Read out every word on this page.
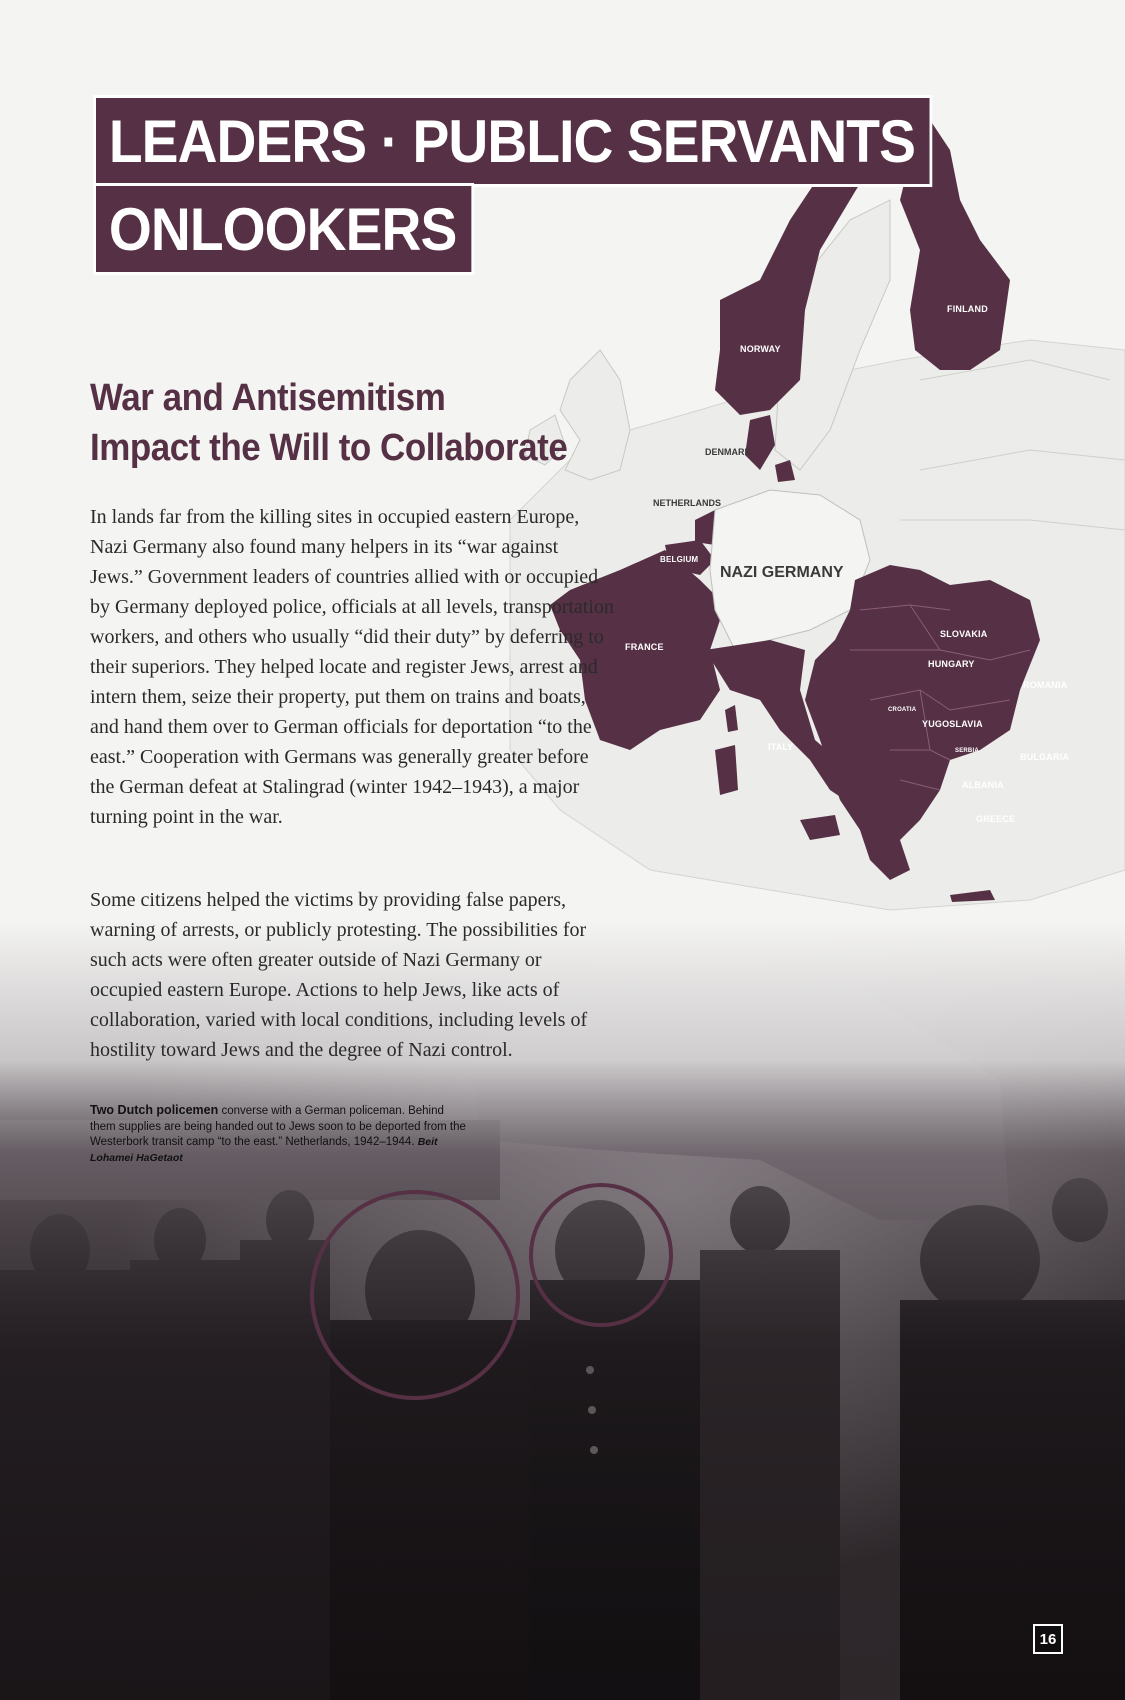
NORWAY
FINLAND
DENMARK
NETHERLANDS
BELGIUM
FRANCE
NAZI GERMANY
SLOVAKIA
HUNGARY
ROMANIA
CROATIA
YUGOSLAVIA
SERBIA
BULGARIA
ITALY
ALBANIA
GREECE
LEADERS · PUBLIC SERVANTS
ONLOOKERS
War and Antisemitism
Impact the Will to Collaborate

In lands far from the killing sites in occupied eastern Europe, Nazi Germany also found many helpers in its “war against Jews.” Government leaders of countries allied with or occupied by Germany deployed police, officials at all levels, transportation workers, and others who usually “did their duty” by deferring to their superiors. They helped locate and register Jews, arrest and intern them, seize their property, put them on trains and boats, and hand them over to German officials for deportation “to the east.” Cooperation with Germans was generally greater before the German defeat at Stalingrad (winter 1942–1943), a major turning point in the war.

Some citizens helped the victims by providing false papers, warning of arrests, or publicly protesting. The possibilities for such acts were often greater outside of Nazi Germany or occupied eastern Europe. Actions to help Jews, like acts of collaboration, varied with local conditions, including levels of hostility toward Jews and the degree of Nazi control.

Two Dutch policemen converse with a German policeman. Behind them supplies are being handed out to Jews soon to be deported from the Westerbork transit camp “to the east.” Netherlands, 1942–1944. Beit Lohamei HaGetaot
16
